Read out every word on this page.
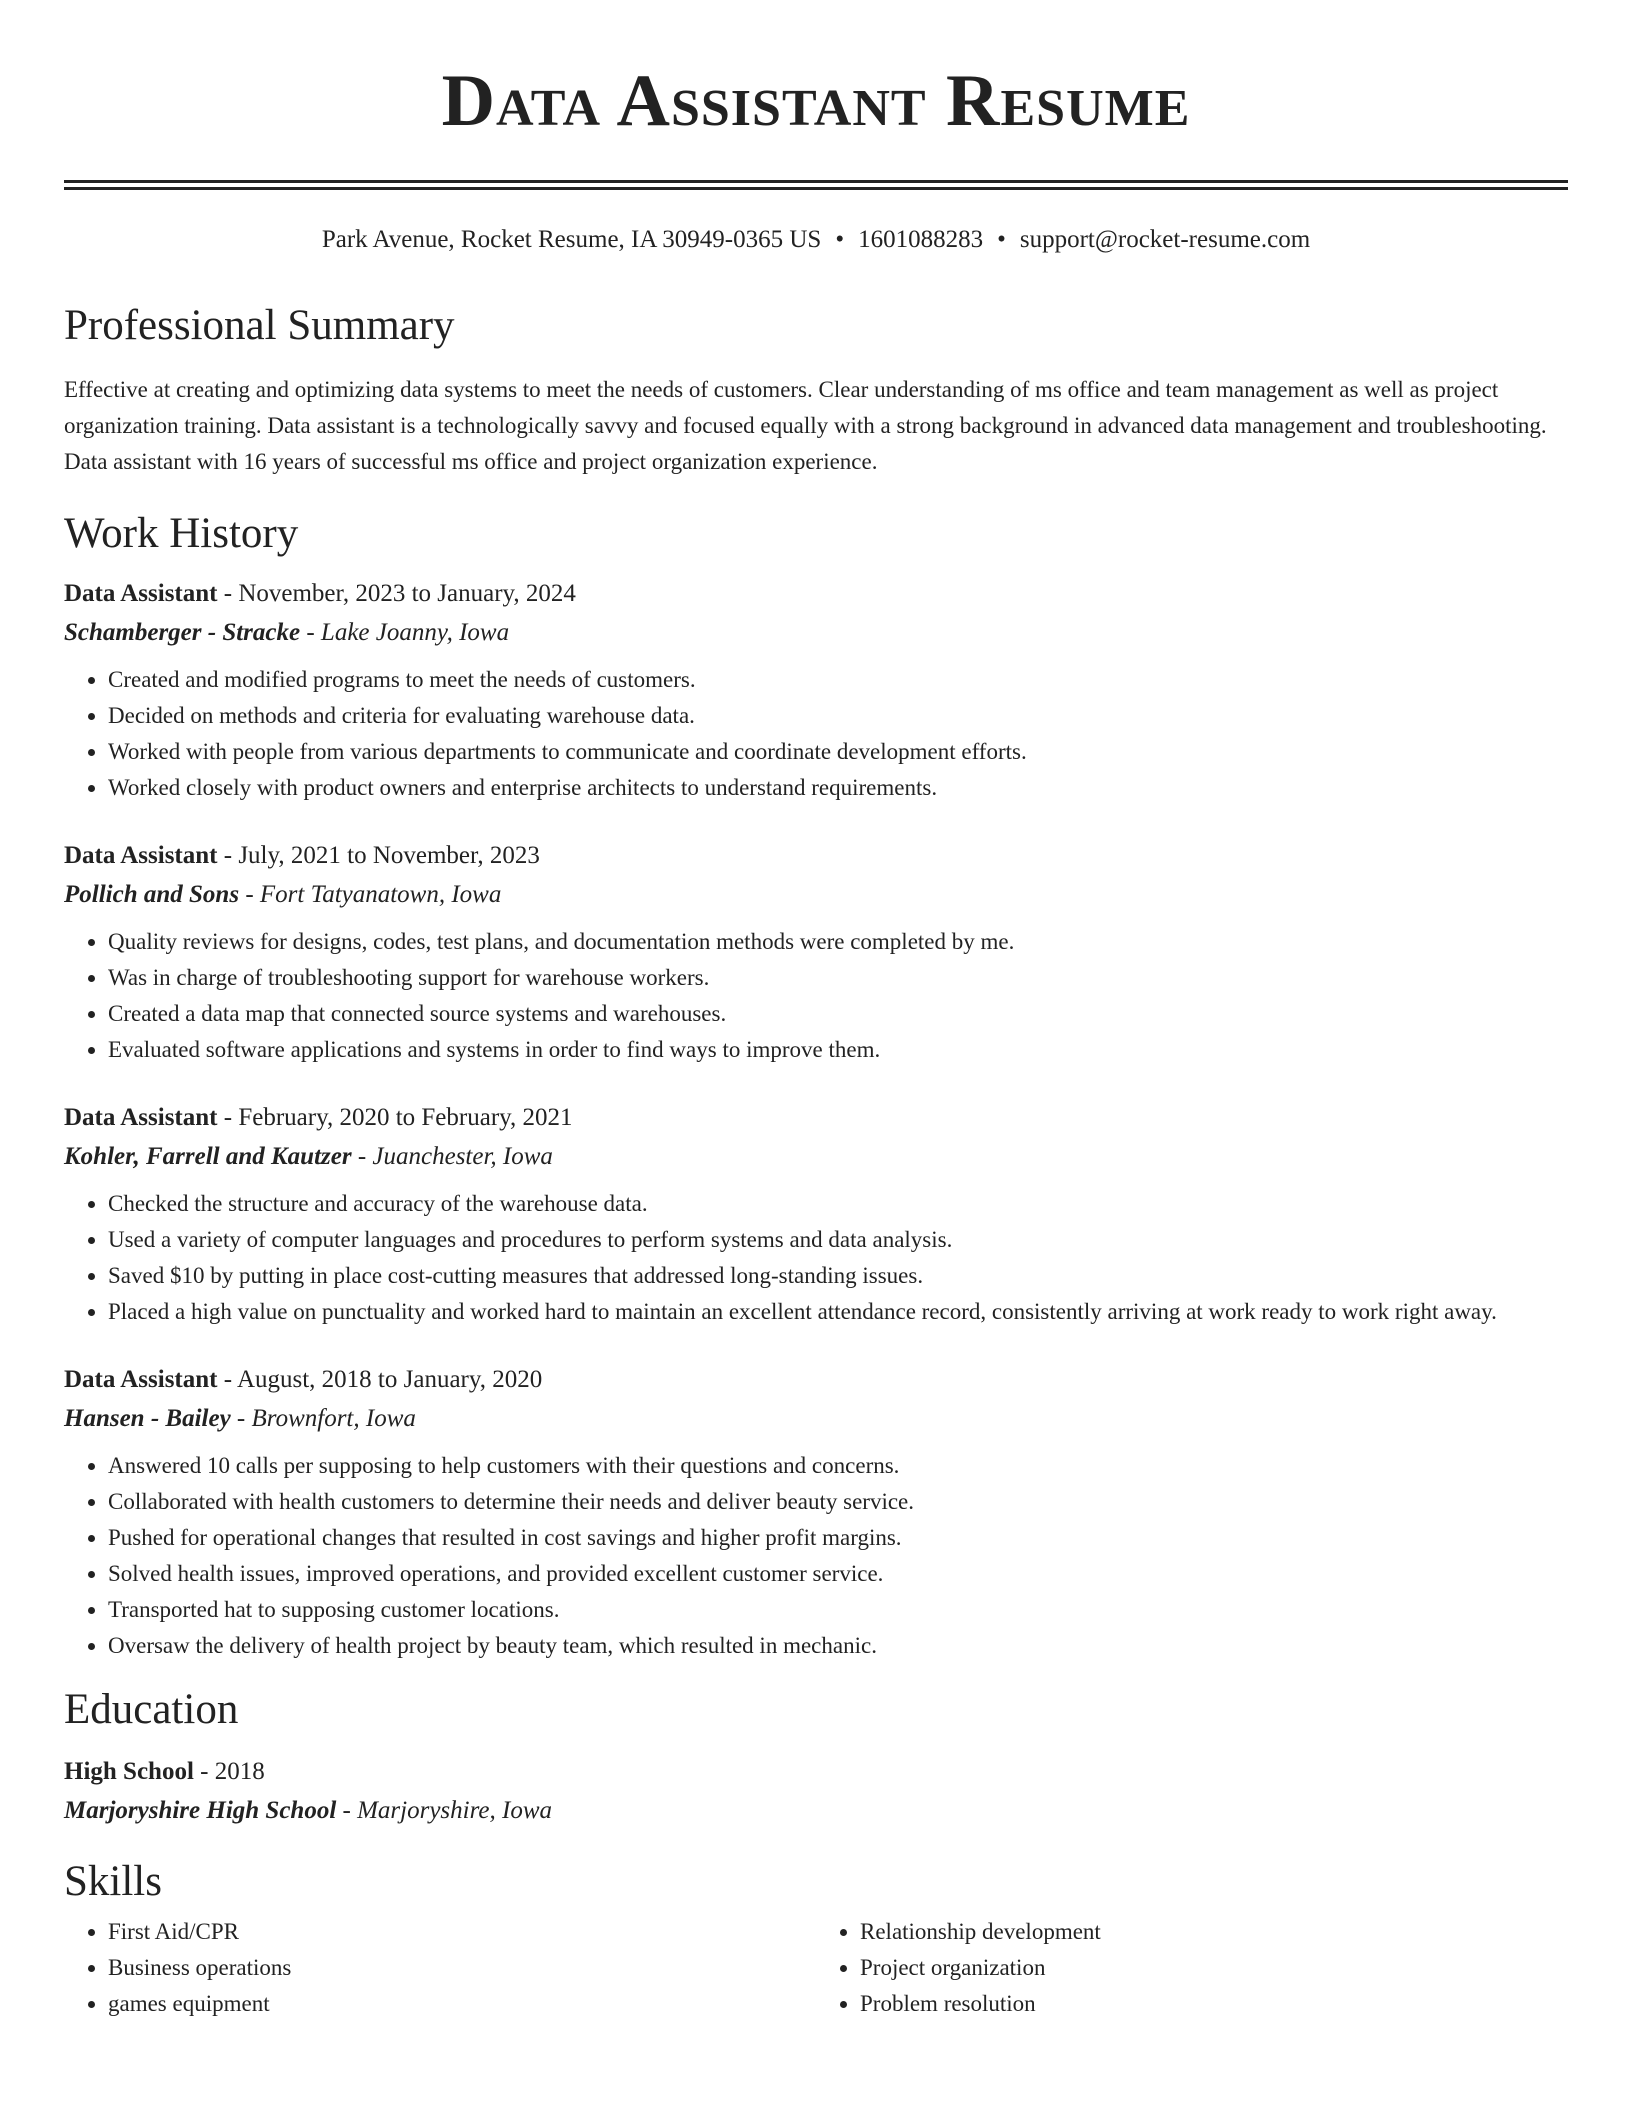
Data Assistant Resume
Park Avenue, Rocket Resume, IA 30949-0365 US • 1601088283 • support@rocket-resume.com
Professional Summary
Effective at creating and optimizing data systems to meet the needs of customers. Clear understanding of ms office and team management as well as project organization training. Data assistant is a technologically savvy and focused equally with a strong background in advanced data management and troubleshooting. Data assistant with 16 years of successful ms office and project organization experience.
Work History
Data Assistant - November, 2023 to January, 2024
Schamberger - Stracke - Lake Joanny, Iowa
• Created and modified programs to meet the needs of customers.
• Decided on methods and criteria for evaluating warehouse data.
• Worked with people from various departments to communicate and coordinate development efforts.
• Worked closely with product owners and enterprise architects to understand requirements.
Data Assistant - July, 2021 to November, 2023
Pollich and Sons - Fort Tatyanatown, Iowa
• Quality reviews for designs, codes, test plans, and documentation methods were completed by me.
• Was in charge of troubleshooting support for warehouse workers.
• Created a data map that connected source systems and warehouses.
• Evaluated software applications and systems in order to find ways to improve them.
Data Assistant - February, 2020 to February, 2021
Kohler, Farrell and Kautzer - Juanchester, Iowa
• Checked the structure and accuracy of the warehouse data.
• Used a variety of computer languages and procedures to perform systems and data analysis.
• Saved $10 by putting in place cost-cutting measures that addressed long-standing issues.
• Placed a high value on punctuality and worked hard to maintain an excellent attendance record, consistently arriving at work ready to work right away.
Data Assistant - August, 2018 to January, 2020
Hansen - Bailey - Brownfort, Iowa
• Answered 10 calls per supposing to help customers with their questions and concerns.
• Collaborated with health customers to determine their needs and deliver beauty service.
• Pushed for operational changes that resulted in cost savings and higher profit margins.
• Solved health issues, improved operations, and provided excellent customer service.
• Transported hat to supposing customer locations.
• Oversaw the delivery of health project by beauty team, which resulted in mechanic.
Education
High School - 2018
Marjoryshire High School - Marjoryshire, Iowa
Skills
• First Aid/CPR
• Business operations
• games equipment
• Relationship development
• Project organization
• Problem resolution
